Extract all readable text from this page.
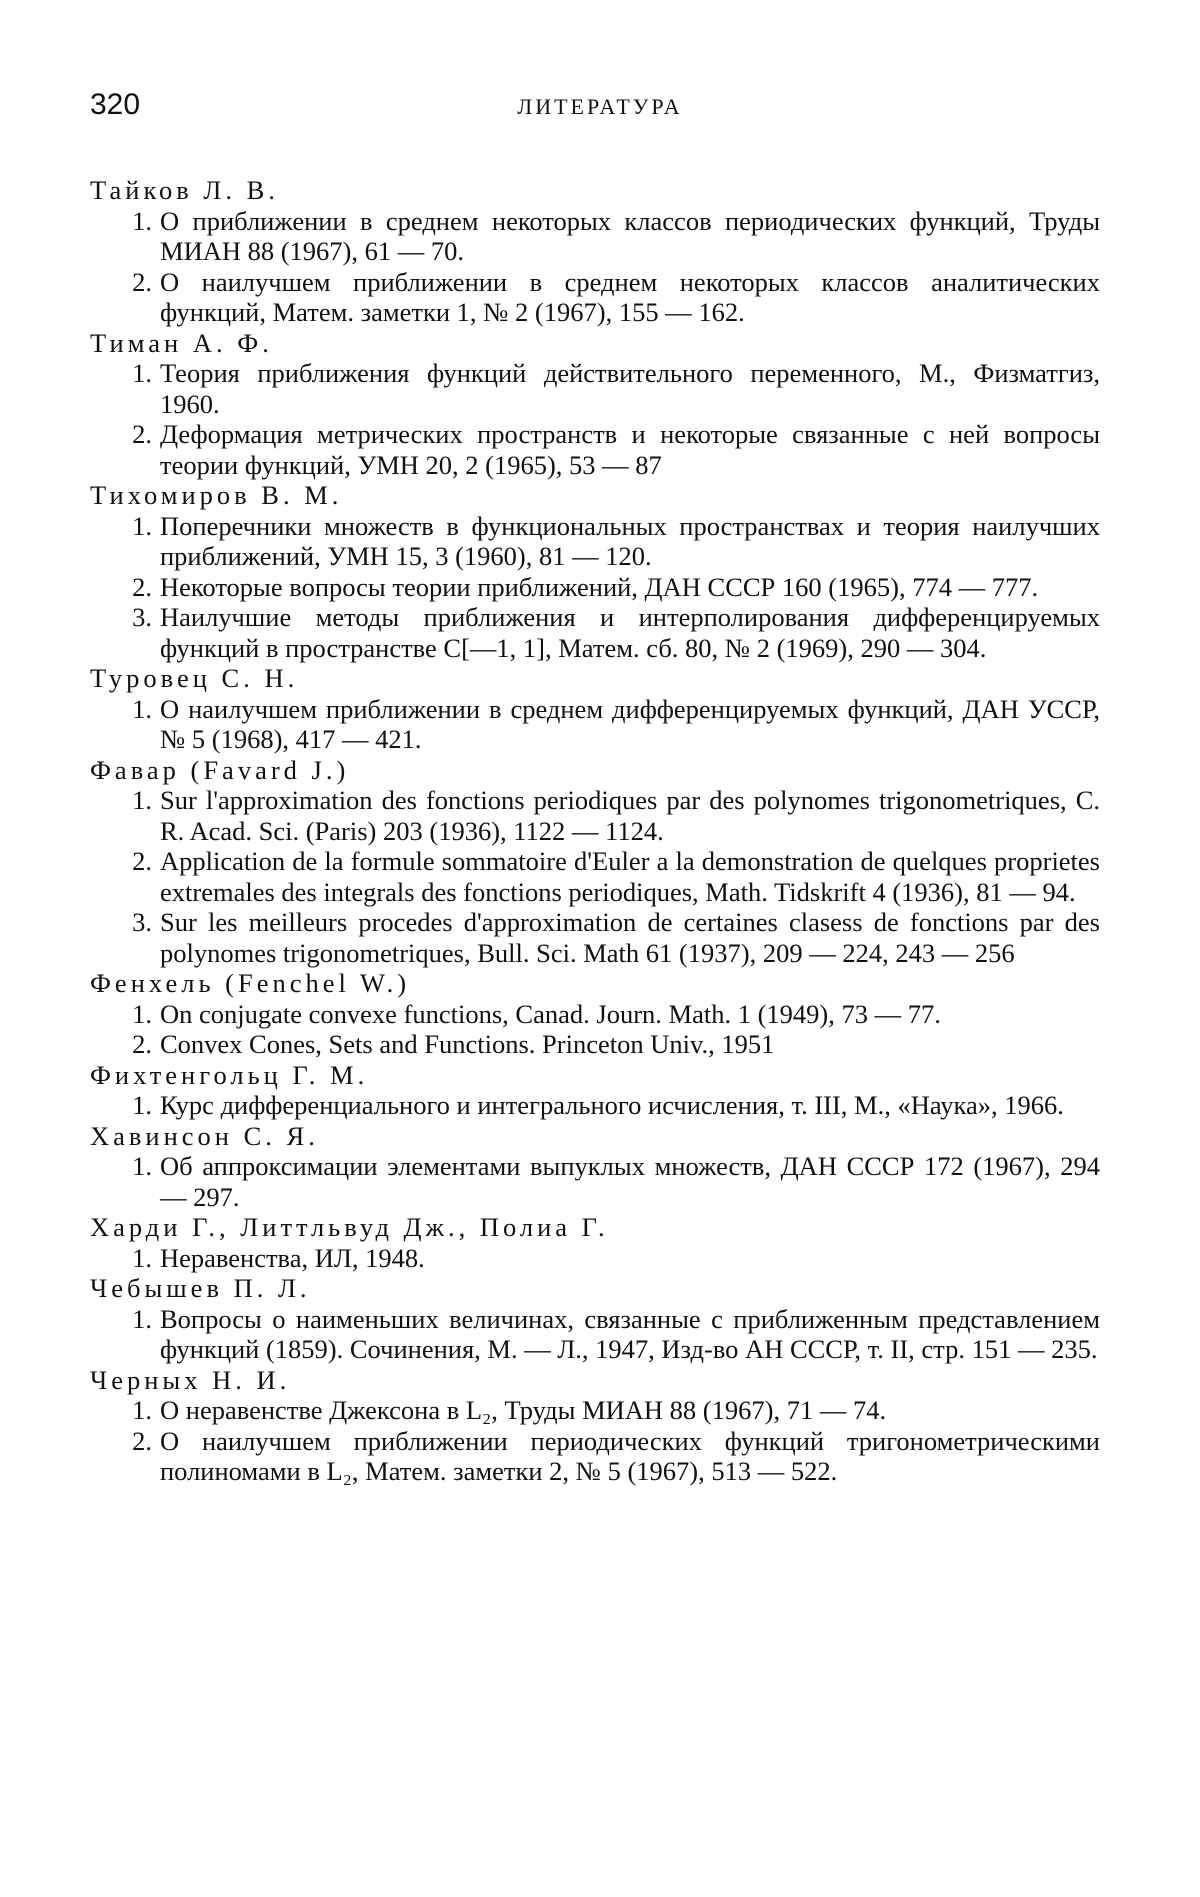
320	ЛИТЕРАТУРА

Тайков Л. В.

1. О приближении в среднем некоторых классов периодических функций, Труды МИАН 88 (1967), 61 — 70.
2. О наилучшем приближении в среднем некоторых классов аналитических функций, Матем. заметки 1, № 2 (1967), 155 — 162.

Тиман А. Ф.

1. Теория приближения функций действительного переменного, М., Физматгиз, 1960.
2. Деформация метрических пространств и некоторые связанные с ней вопросы теории функций, УМН 20, 2 (1965), 53 — 87

Тихомиров В. М.

1. Поперечники множеств в функциональных пространствах и теория наилучших приближений, УМН 15, 3 (1960), 81 — 120.
2. Некоторые вопросы теории приближений, ДАН СССР 160 (1965), 774 — 777.
3. Наилучшие методы приближения и интерполирования дифференцируемых функций в пространстве C[—1, 1], Матем. сб. 80, № 2 (1969), 290 — 304.

Туровец С. Н.

1. О наилучшем приближении в среднем дифференцируемых функций, ДАН УССР, № 5 (1968), 417 — 421.

Фавар (Favard J.)

1. Sur l'approximation des fonctions periodiques par des polynomes trigonometriques, C. R. Acad. Sci. (Paris) 203 (1936), 1122 — 1124.
2. Application de la formule sommatoire d'Euler a la demonstration de quelques proprietes extremales des integrals des fonctions periodiques, Math. Tidskrift 4 (1936), 81 — 94.
3. Sur les meilleurs procedes d'approximation de certaines clasess de fonctions par des polynomes trigonometriques, Bull. Sci. Math 61 (1937), 209 — 224, 243 — 256

Фенхель (Fenchel W.)

1. On conjugate convexe functions, Canad. Journ. Math. 1 (1949), 73 — 77.
2. Convex Cones, Sets and Functions. Princeton Univ., 1951

Фихтенгольц Г. М.

1. Курс дифференциального и интегрального исчисления, т. III, М., «Наука», 1966.

Хавинсон С. Я.

1. Об аппроксимации элементами выпуклых множеств, ДАН СССР 172 (1967), 294 — 297.

Харди Г., Литтльвуд Дж., Полиа Г.

1. Неравенства, ИЛ, 1948.

Чебышев П. Л.

1. Вопросы о наименьших величинах, связанные с приближенным представлением функций (1859). Сочинения, М. — Л., 1947, Изд-во АН СССР, т. II, стр. 151 — 235.

Черных Н. И.

1. О неравенстве Джексона в L₂, Труды МИАН 88 (1967), 71 — 74.
2. О наилучшем приближении периодических функций тригонометрическими полиномами в L₂, Матем. заметки 2, № 5 (1967), 513 — 522.
